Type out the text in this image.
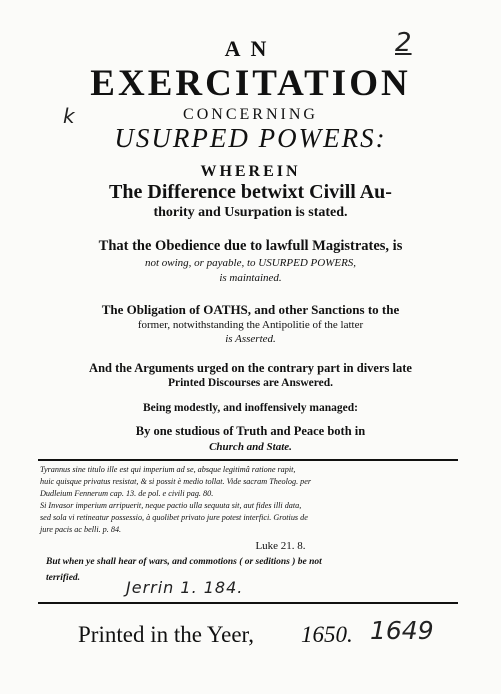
2
AN
EXERCITATION
k	CONCERNING
USURPED POWERS:
WHEREIN
The Difference betwixt Civill Au-
thority and Usurpation is stated.
That the Obedience due to lawfull Magistrates, is
not owing, or payable, to USURPED POWERS,
is maintained.
The Obligation of OATHS, and other Sanctions to the
former, notwithstanding the Antipolitie of the latter
is Asserted.
And the Arguments urged on the contrary part in divers late
Printed Discourses are Answered.
Being modestly, and inoffensively managed:
By one studious of Truth and Peace both in
Church and State.
Tyrannus sine titulo ille est qui imperium ad se, absque legitimâ ratione rapit,
huic quisque privatus resistat, & si possit è medio tollat. Vide sacram Theolog. per
Dudleium Fennerum cap. 13. de pol. e civili pag. 80.
Si Invasor imperium arripuerit, neque pactio ulla sequuta sit, aut fides illi data,
sed sola vi retineatur possessio, à quolibet privato jure potest interfici. Grotius de
jure pacis ac belli. p. 84.
Luke 21. 8.
But when ye shall hear of wars, and commotions ( or seditions ) be not
terrified.	Jerrin 1. 184.
Printed in the Yeer, 1650. 1649
